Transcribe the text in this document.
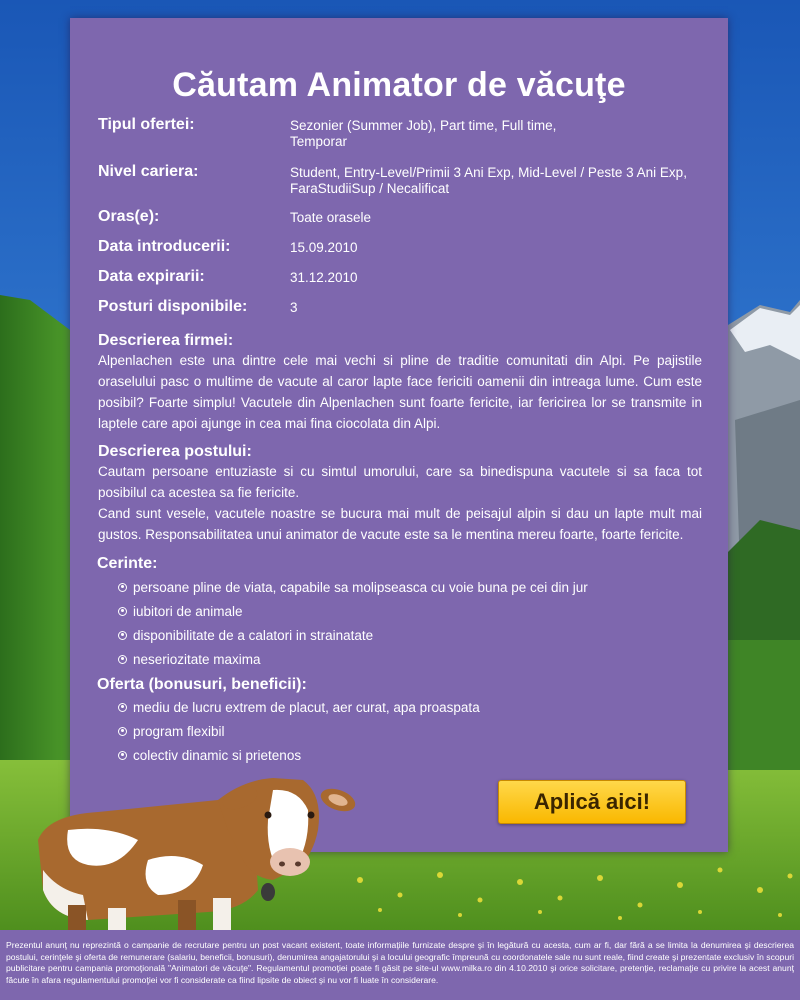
Căutam Animator de văcuţe
Tipul ofertei:	Sezonier (Summer Job), Part time, Full time,
Temporar
Nivel cariera:	Student, Entry-Level/Primii 3 Ani Exp, Mid-Level / Peste 3 Ani Exp,
FaraStudiiSup / Necalificat
Oras(e):	Toate orasele
Data introducerii:	15.09.2010
Data expirarii:	31.12.2010
Posturi disponibile:	3
Descrierea firmei:
Alpenlachen este una dintre cele mai vechi si pline de traditie comunitati din Alpi. Pe pajistile oraselului pasc o multime de vacute al caror lapte face fericiti oamenii din intreaga lume. Cum este posibil? Foarte simplu! Vacutele din Alpenlachen sunt foarte fericite, iar fericirea lor se transmite in laptele care apoi ajunge in cea mai fina ciocolata din Alpi.
Descrierea postului:
Cautam persoane entuziaste si cu simtul umorului, care sa binedispuna vacutele si sa faca tot posibilul ca acestea sa fie fericite.
Cand sunt vesele, vacutele noastre se bucura mai mult de peisajul alpin si dau un lapte mult mai gustos. Responsabilitatea unui animator de vacute este sa le mentina mereu foarte, foarte fericite.
Cerinte:
persoane pline de viata, capabile sa molipseasca cu voie buna pe cei din jur
iubitori de animale
disponibilitate de a calatori in strainatate
neseriozitate maxima
Oferta (bonusuri, beneficii):
mediu de lucru extrem de placut, aer curat, apa proaspata
program flexibil
colectiv dinamic si prietenos
Aplică aici!
Prezentul anunţ nu reprezintă o campanie de recrutare pentru un post vacant existent, toate informaţiile furnizate despre şi în legătură cu acesta, cum ar fi, dar fără a se limita la denumirea şi descrierea postului, cerinţele şi oferta de remunerare (salariu, beneficii, bonusuri), denumirea angajatorului şi a locului geografic împreună cu coordonatele sale nu sunt reale, fiind create şi prezentate exclusiv în scopuri publicitare pentru campania promoţională "Animatori de văcuţe". Regulamentul promoţiei poate fi găsit pe site-ul www.milka.ro din 4.10.2010 şi orice solicitare, pretenţie, reclamaţie cu privire la acest anunţ făcute în afara regulamentului promoţiei vor fi considerate ca fiind lipsite de obiect şi nu vor fi luate în considerare.
